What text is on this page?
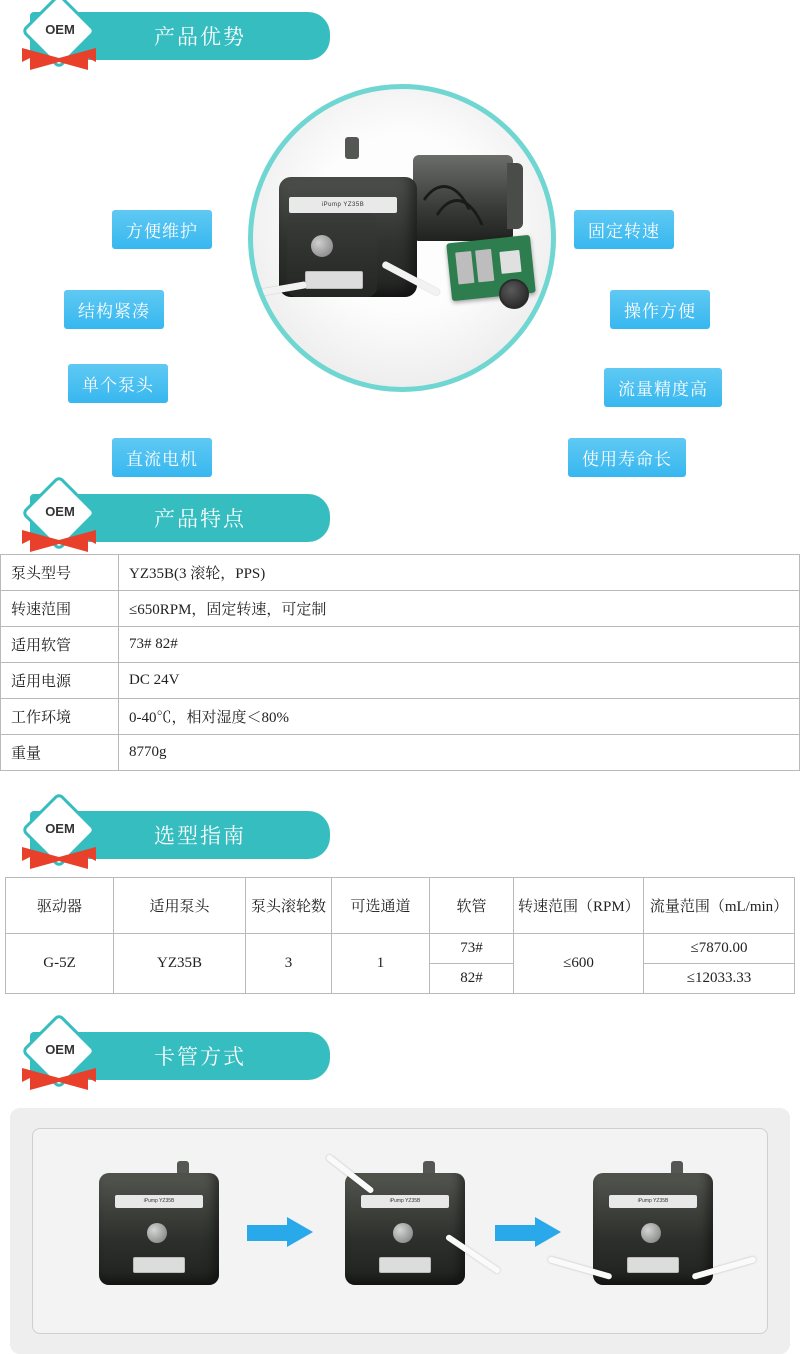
产品优势
OEM
iPump YZ35B
方便维护
结构紧凑
单个泵头
直流电机
固定转速
操作方便
流量精度高
使用寿命长
产品特点
OEM
泵头型号	YZ35B(3 滚轮，PPS)
转速范围	≤650RPM，固定转速，可定制
适用软管	73# 82#
适用电源	DC 24V
工作环境	0-40℃，相对湿度＜80%
重量	8770g
选型指南
OEM
驱动器	适用泵头	泵头滚轮数	可选通道	软管	转速范围（RPM）	流量范围（mL/min）
G-5Z	YZ35B	3	1	73#	≤600	≤7870.00
				82#		≤12033.33
卡管方式
OEM
iPump YZ35B	iPump YZ35B	iPump YZ35B
